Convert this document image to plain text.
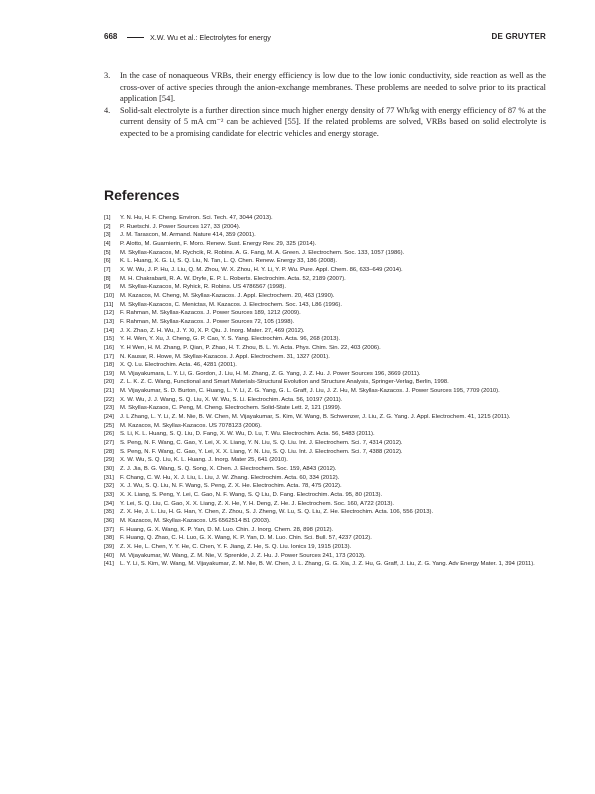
668	X.W. Wu et al.: Electrolytes for energy	DE GRUYTER

3. In the case of nonaqueous VRBs, their energy efficiency is low due to the low ionic conductivity, side reaction as well as the cross-over of active species through the anion-exchange membranes. These problems are needed to solve prior to its practical application [54].

4. Solid-salt electrolyte is a further direction since much higher energy density of 77 Wh/kg with energy efficiency of 87 % at the current density of 5 mA cm⁻² can be achieved [55]. If the related problems are solved, VRBs based on solid electrolyte is expected to be a promising candidate for electric vehicles and energy storage.

References
[1] Y. N. Hu, H. F. Cheng. Environ. Sci. Tech. 47, 3044 (2013).
[2] P. Ruetschi. J. Power Sources 127, 33 (2004).
[3] J. M. Tarascon, M. Armand. Nature 414, 359 (2001).
[4] P. Alotto, M. Guarnierin, F. Moro. Renew. Sust. Energy Rev. 29, 325 (2014).
[5] M. Skyllas-Kazacos, M. Rychcik, R. Robins. A. G. Fang, M. A. Green. J. Electrochem. Soc. 133, 1057 (1986).
[6] K. L. Huang, X. G. Li, S. Q. Liu, N. Tan, L. Q. Chen. Renew. Energy 33, 186 (2008).
[7] X. W. Wu, J. P. Hu, J. Liu, Q. M. Zhou, W. X. Zhou, H. Y. Li, Y. P. Wu. Pure. Appl. Chem. 86, 633–649 (2014).
[8] M. H. Chakrabarti, R. A. W. Dryfe, E. P. L. Roberts. Electrochim. Acta. 52, 2189 (2007).
[9] M. Skyllas-Kazacos, M. Ryhick, R. Robins. US 4786567 (1998).
[10] M. Kazacos, M. Cheng, M. Skyllas-Kazacos. J. Appl. Electrochem. 20, 463 (1990).
[11] M. Skyllas-Kazacos, C. Menictas, M. Kazacos. J. Electrochem. Soc. 143, L86 (1996).
[12] F. Rahman, M. Skyllas-Kazacos. J. Power Sources 189, 1212 (2009).
[13] F. Rahman, M. Skyllas-Kazacos. J. Power Sources 72, 105 (1998).
[14] J. X. Zhao, Z. H. Wu, J. Y. Xi, X. P. Qiu. J. Inorg. Mater. 27, 469 (2012).
[15] Y. H. Wen, Y. Xu, J. Cheng, G. P. Cao, Y. S. Yang. Electrochim. Acta. 96, 268 (2013).
[16] Y. H Wen, H. M. Zhang, P. Qian, P. Zhao, H. T. Zhou, B. L. Yi. Acta. Phys. Chim. Sin. 22, 403 (2006).
[17] N. Kausar, R. Howe, M. Skyllas-Kazacos. J. Appl. Electrochem. 31, 1327 (2001).
[18] X. Q. Lu. Electrochim. Acta. 46, 4281 (2001).
[19] M. Vijayakumara, L. Y. Li, G. Gordon, J. Liu, H. M. Zhang, Z. G. Yang, J. Z. Hu. J. Power Sources 196, 3669 (2011).
[20] Z. L. K. Z. C. Wang, Functional and Smart Materials-Structural Evolution and Structure Analysis, Springer-Verlag, Berlin, 1998.
[21] M. Vijayakumar, S. D. Burton, C. Huang, L. Y. Li, Z. G. Yang, G. L. Graff, J. Liu, J. Z. Hu, M. Skyllas-Kazacos. J. Power Sources 195, 7709 (2010).
[22] X. W. Wu, J. J. Wang, S. Q. Liu, X. W. Wu, S. Li. Electrochim. Acta. 56, 10197 (2011).
[23] M. Skyllas-Kazaos, C. Peng, M. Cheng. Electrochem. Solid-State Lett. 2, 121 (1999).
[24] J. L Zhang, L. Y. Li, Z. M. Nie, B. W. Chen, M. Vijayakumar, S. Kim, W. Wang, B. Schwenzer, J. Liu, Z. G. Yang. J. Appl. Electrochem. 41, 1215 (2011).
[25] M. Kazacos, M. Skyllas-Kazacos. US 7078123 (2006).
[26] S. Li, K. L. Huang, S. Q. Liu, D. Fang, X. W. Wu, D. Lu, T. Wu. Electrochim. Acta. 56, 5483 (2011).
[27] S. Peng, N. F. Wang, C. Gao, Y. Lei, X. X. Liang, Y. N. Liu, S. Q. Liu. Int. J. Electrochem. Sci. 7, 4314 (2012).
[28] S. Peng, N. F. Wang, C. Gao, Y. Lei, X. X. Liang, Y. N. Liu, S. Q. Liu. Int. J. Electrochem. Sci. 7, 4388 (2012).
[29] X. W. Wu, S. Q. Liu, K. L. Huang. J. Inorg. Mater 25, 641 (2010).
[30] Z. J. Jia, B. G. Wang, S. Q. Song, X. Chen. J. Electrochem. Soc. 159, A843 (2012).
[31] F. Chang, C. W. Hu, X. J. Liu, L. Liu, J. W. Zhang. Electrochim. Acta. 60, 334 (2012).
[32] X. J. Wu, S. Q. Liu, N. F. Wang, S. Peng, Z. X. He. Electrochim. Acta. 78, 475 (2012).
[33] X. X. Liang, S. Peng, Y. Lei, C. Gao, N. F. Wang, S. Q Liu, D. Fang. Electrochim. Acta. 95, 80 (2013).
[34] Y. Lei, S. Q. Liu, C. Gao, X. X. Liang, Z. X. He, Y. H. Deng, Z. He. J. Electrochem. Soc. 160, A722 (2013).
[35] Z. X. He, J. L. Liu, H. G. Han, Y. Chen, Z. Zhou, S. J. Zheng, W. Lu, S. Q. Liu, Z. He. Electrochim. Acta. 106, 556 (2013).
[36] M. Kazacos, M. Skyllas-Kazacos. US 6562514 B1 (2003).
[37] F. Huang, G. X. Wang, K. P. Yan, D. M. Luo. Chin. J. Inorg. Chem. 28, 898 (2012).
[38] F. Huang, Q. Zhao, C. H. Luo, G. X. Wang, K. P. Yan, D. M. Luo. Chin. Sci. Bull. 57, 4237 (2012).
[39] Z. X. He, L. Chen, Y. Y. He, C. Chen, Y. F. Jiang, Z. He, S. Q. Liu. Ionics 19, 1915 (2013).
[40] M. Vijayakumar, W. Wang, Z. M. Nie, V. Sprenkle, J. Z. Hu. J. Power Sources 241, 173 (2013).
[41] L. Y. Li, S. Kim, W. Wang, M. Vijayakumar, Z. M. Nie, B. W. Chen, J. L. Zhang, G. G. Xia, J. Z. Hu, G. Graff, J. Liu, Z. G. Yang. Adv Energy Mater. 1, 394 (2011).
